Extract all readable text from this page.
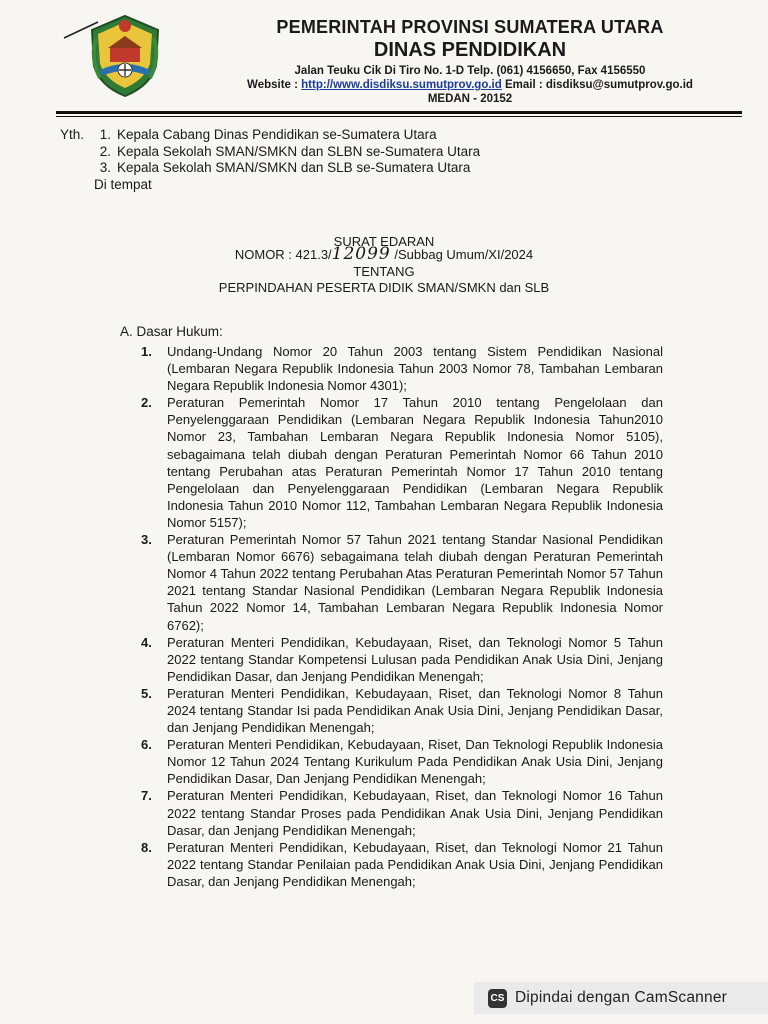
PEMERINTAH PROVINSI SUMATERA UTARA
DINAS PENDIDIKAN
Jalan Teuku Cik Di Tiro No. 1-D Telp. (061) 4156650, Fax 4156550
Website : http://www.disdiksu.sumutprov.go.id Email : disdiksu@sumutprov.go.id
MEDAN - 20152
Yth.	1. Kepala Cabang Dinas Pendidikan se-Sumatera Utara
2. Kepala Sekolah SMAN/SMKN dan SLBN se-Sumatera Utara
3. Kepala Sekolah SMAN/SMKN dan SLB se-Sumatera Utara
Di tempat
SURAT EDARAN
NOMOR : 421.3/12099 /Subbag Umum/XI/2024
TENTANG
PERPINDAHAN PESERTA DIDIK SMAN/SMKN dan SLB
A. Dasar Hukum:
1.	Undang-Undang Nomor 20 Tahun 2003 tentang Sistem Pendidikan Nasional (Lembaran Negara Republik Indonesia Tahun 2003 Nomor 78, Tambahan Lembaran Negara Republik Indonesia Nomor 4301);
2.	Peraturan Pemerintah Nomor 17 Tahun 2010 tentang Pengelolaan dan Penyelenggaraan Pendidikan (Lembaran Negara Republik Indonesia Tahun2010 Nomor 23, Tambahan Lembaran Negara Republik Indonesia Nomor 5105), sebagaimana telah diubah dengan Peraturan Pemerintah Nomor 66 Tahun 2010 tentang Perubahan atas Peraturan Pemerintah Nomor 17 Tahun 2010 tentang Pengelolaan dan Penyelenggaraan Pendidikan (Lembaran Negara Republik Indonesia Tahun 2010 Nomor 112, Tambahan Lembaran Negara Republik Indonesia Nomor 5157);
3.	Peraturan Pemerintah Nomor 57 Tahun 2021 tentang Standar Nasional Pendidikan (Lembaran Nomor 6676) sebagaimana telah diubah dengan Peraturan Pemerintah Nomor 4 Tahun 2022 tentang Perubahan Atas Peraturan Pemerintah Nomor 57 Tahun 2021 tentang Standar Nasional Pendidikan (Lembaran Negara Republik Indonesia Tahun 2022 Nomor 14, Tambahan Lembaran Negara Republik Indonesia Nomor 6762);
4.	Peraturan Menteri Pendidikan, Kebudayaan, Riset, dan Teknologi Nomor 5 Tahun 2022 tentang Standar Kompetensi Lulusan pada Pendidikan Anak Usia Dini, Jenjang Pendidikan Dasar, dan Jenjang Pendidikan Menengah;
5.	Peraturan Menteri Pendidikan, Kebudayaan, Riset, dan Teknologi Nomor 8 Tahun 2024 tentang Standar Isi pada Pendidikan Anak Usia Dini, Jenjang Pendidikan Dasar, dan Jenjang Pendidikan Menengah;
6.	Peraturan Menteri Pendidikan, Kebudayaan, Riset, Dan Teknologi Republik Indonesia Nomor 12 Tahun 2024 Tentang Kurikulum Pada Pendidikan Anak Usia Dini, Jenjang Pendidikan Dasar, Dan Jenjang Pendidikan Menengah;
7.	Peraturan Menteri Pendidikan, Kebudayaan, Riset, dan Teknologi Nomor 16 Tahun 2022 tentang Standar Proses pada Pendidikan Anak Usia Dini, Jenjang Pendidikan Dasar, dan Jenjang Pendidikan Menengah;
8.	Peraturan Menteri Pendidikan, Kebudayaan, Riset, dan Teknologi Nomor 21 Tahun 2022 tentang Standar Penilaian pada Pendidikan Anak Usia Dini, Jenjang Pendidikan Dasar, dan Jenjang Pendidikan Menengah;
CS Dipindai dengan CamScanner
